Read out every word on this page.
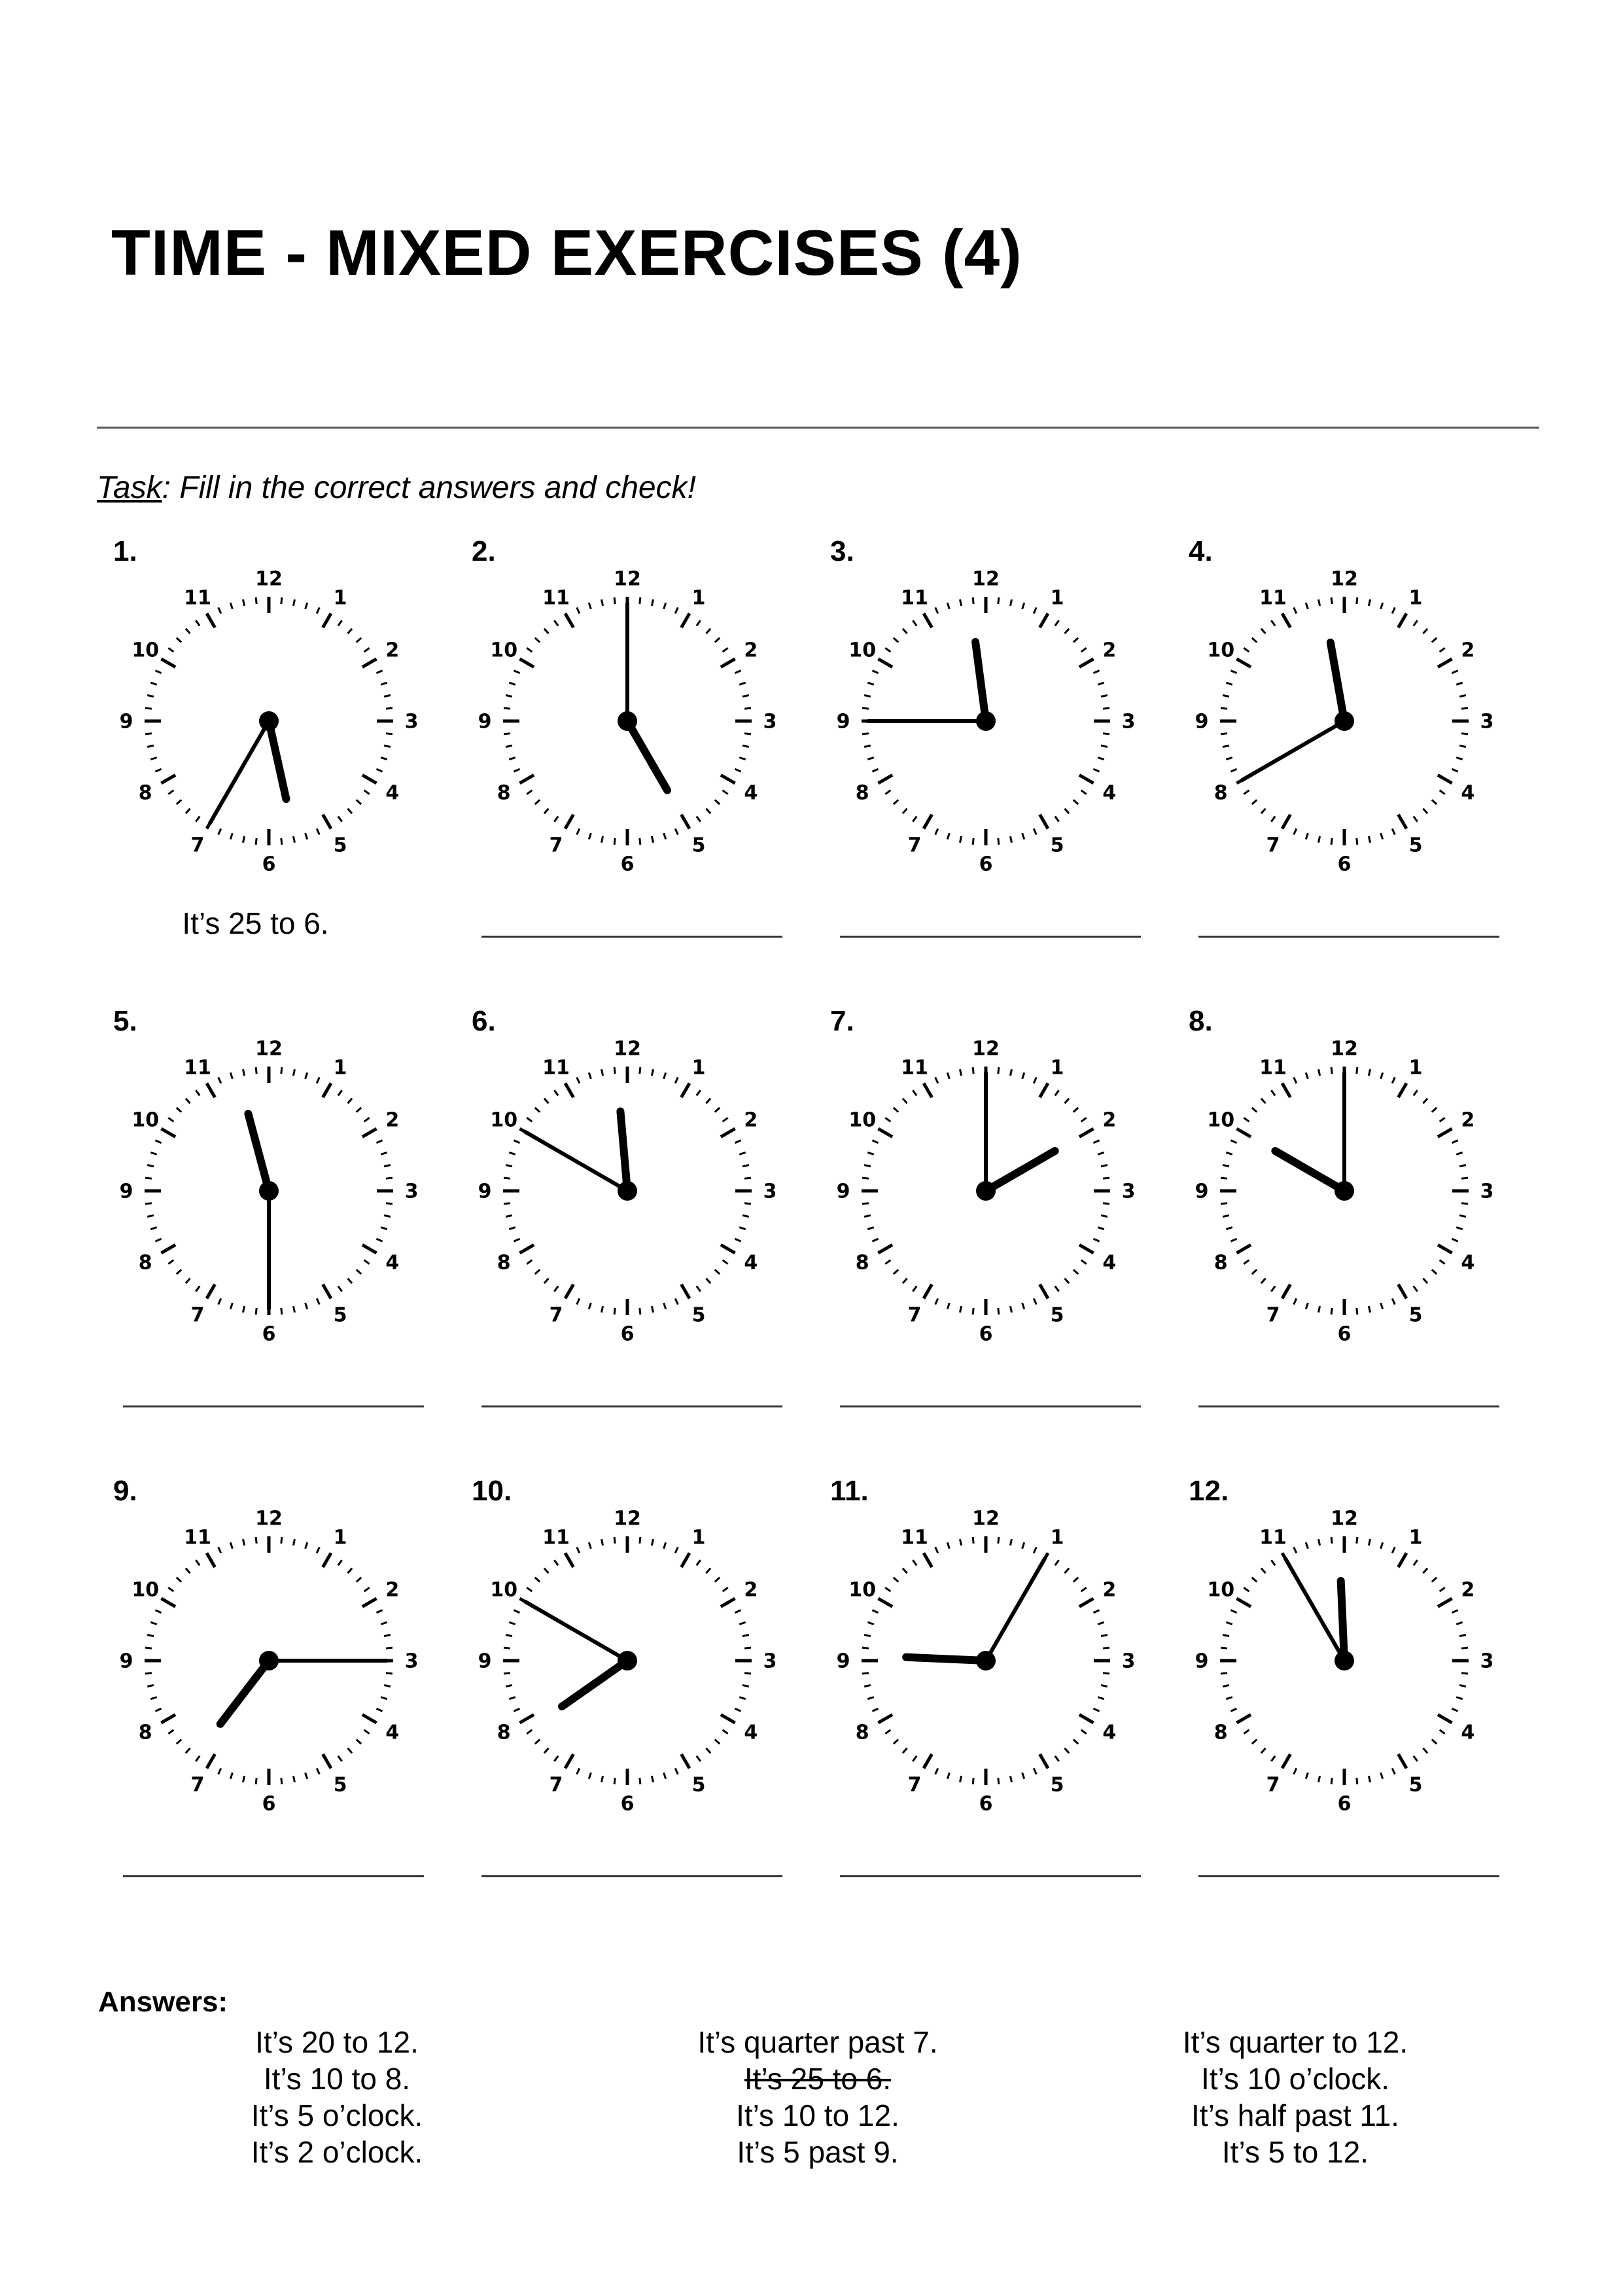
TIME - MIXED EXERCISES (4)
Task: Fill in the correct answers and check!
1.
12
1
2
3
4
5
6
7
8
9
10
11
It’s 25 to 6.
2.
12
1
2
3
4
5
6
7
8
9
10
11
3.
12
1
2
3
4
5
6
7
8
9
10
11
4.
12
1
2
3
4
5
6
7
8
9
10
11
5.
12
1
2
3
4
5
6
7
8
9
10
11
6.
12
1
2
3
4
5
6
7
8
9
10
11
7.
12
1
2
3
4
5
6
7
8
9
10
11
8.
12
1
2
3
4
5
6
7
8
9
10
11
9.
12
1
2
3
4
5
6
7
8
9
10
11
10.
12
1
2
3
4
5
6
7
8
9
10
11
11.
12
1
2
3
4
5
6
7
8
9
10
11
12.
12
1
2
3
4
5
6
7
8
9
10
11
Answers:
It’s 20 to 12.
It’s 10 to 8.
It’s 5 o’clock.
It’s 2 o’clock.
It’s quarter past 7.
It’s 25 to 6.
It’s 10 to 12.
It’s 5 past 9.
It’s quarter to 12.
It’s 10 o’clock.
It’s half past 11.
It’s 5 to 12.
